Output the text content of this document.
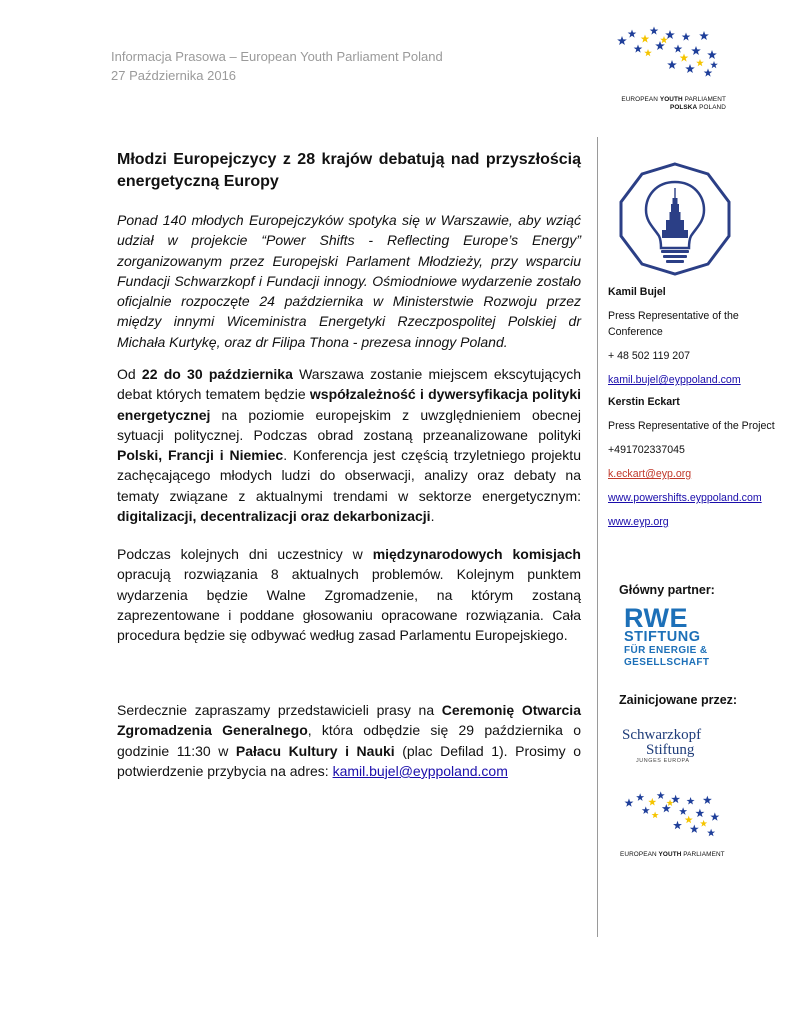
Informacja Prasowa – European Youth Parliament Poland
27 Października 2016
EUROPEAN YOUTH PARLIAMENT
POLSKA POLAND
Młodzi Europejczycy z 28 krajów debatują nad przyszłością energetyczną Europy
Ponad 140 młodych Europejczyków spotyka się w Warszawie, aby wziąć udział w projekcie “Power Shifts - Reflecting Europe’s Energy” zorganizowanym przez Europejski Parlament Młodzieży, przy wsparciu Fundacji Schwarzkopf i Fundacji innogy. Ośmiodniowe wydarzenie zostało oficjalnie rozpoczęte 24 października w Ministerstwie Rozwoju przez między innymi Wiceministra Energetyki Rzeczpospolitej Polskiej dr Michała Kurtykę, oraz dr Filipa Thona - prezesa innogy Poland.
Od 22 do 30 października Warszawa zostanie miejscem ekscytujących debat których tematem będzie współzależność i dywersyfikacja polityki energetycznej na poziomie europejskim z uwzględnieniem obecnej sytuacji politycznej. Podczas obrad zostaną przeanalizowane polityki Polski, Francji i Niemiec. Konferencja jest częścią trzyletniego projektu zachęcającego młodych ludzi do obserwacji, analizy oraz debaty na tematy związane z aktualnymi trendami w sektorze energetycznym: digitalizacji, decentralizacji oraz dekarbonizacji.
Podczas kolejnych dni uczestnicy w międzynarodowych komisjach opracują rozwiązania 8 aktualnych problemów. Kolejnym punktem wydarzenia będzie Walne Zgromadzenie, na którym zostaną zaprezentowane i poddane głosowaniu opracowane rozwiązania. Cała procedura będzie się odbywać według zasad Parlamentu Europejskiego.
Serdecznie zapraszamy przedstawicieli prasy na Ceremonię Otwarcia Zgromadzenia Generalnego, która odbędzie się 29 października o godzinie 11:30 w Pałacu Kultury i Nauki (plac Defilad 1). Prosimy o potwierdzenie przybycia na adres: kamil.bujel@eyppoland.com
Kamil Bujel
Press Representative of the Conference
+ 48 502 119 207
kamil.bujel@eyppoland.com
Kerstin Eckart
Press Representative of the Project
+491702337045
k.eckart@eyp.org
www.powershifts.eyppoland.com
www.eyp.org
Główny partner:
RWE
STIFTUNG
FÜR ENERGIE &
GESELLSCHAFT
Zainicjowane przez:
Schwarzkopf
Stiftung
JUNGES EUROPA
EUROPEAN YOUTH PARLIAMENT
